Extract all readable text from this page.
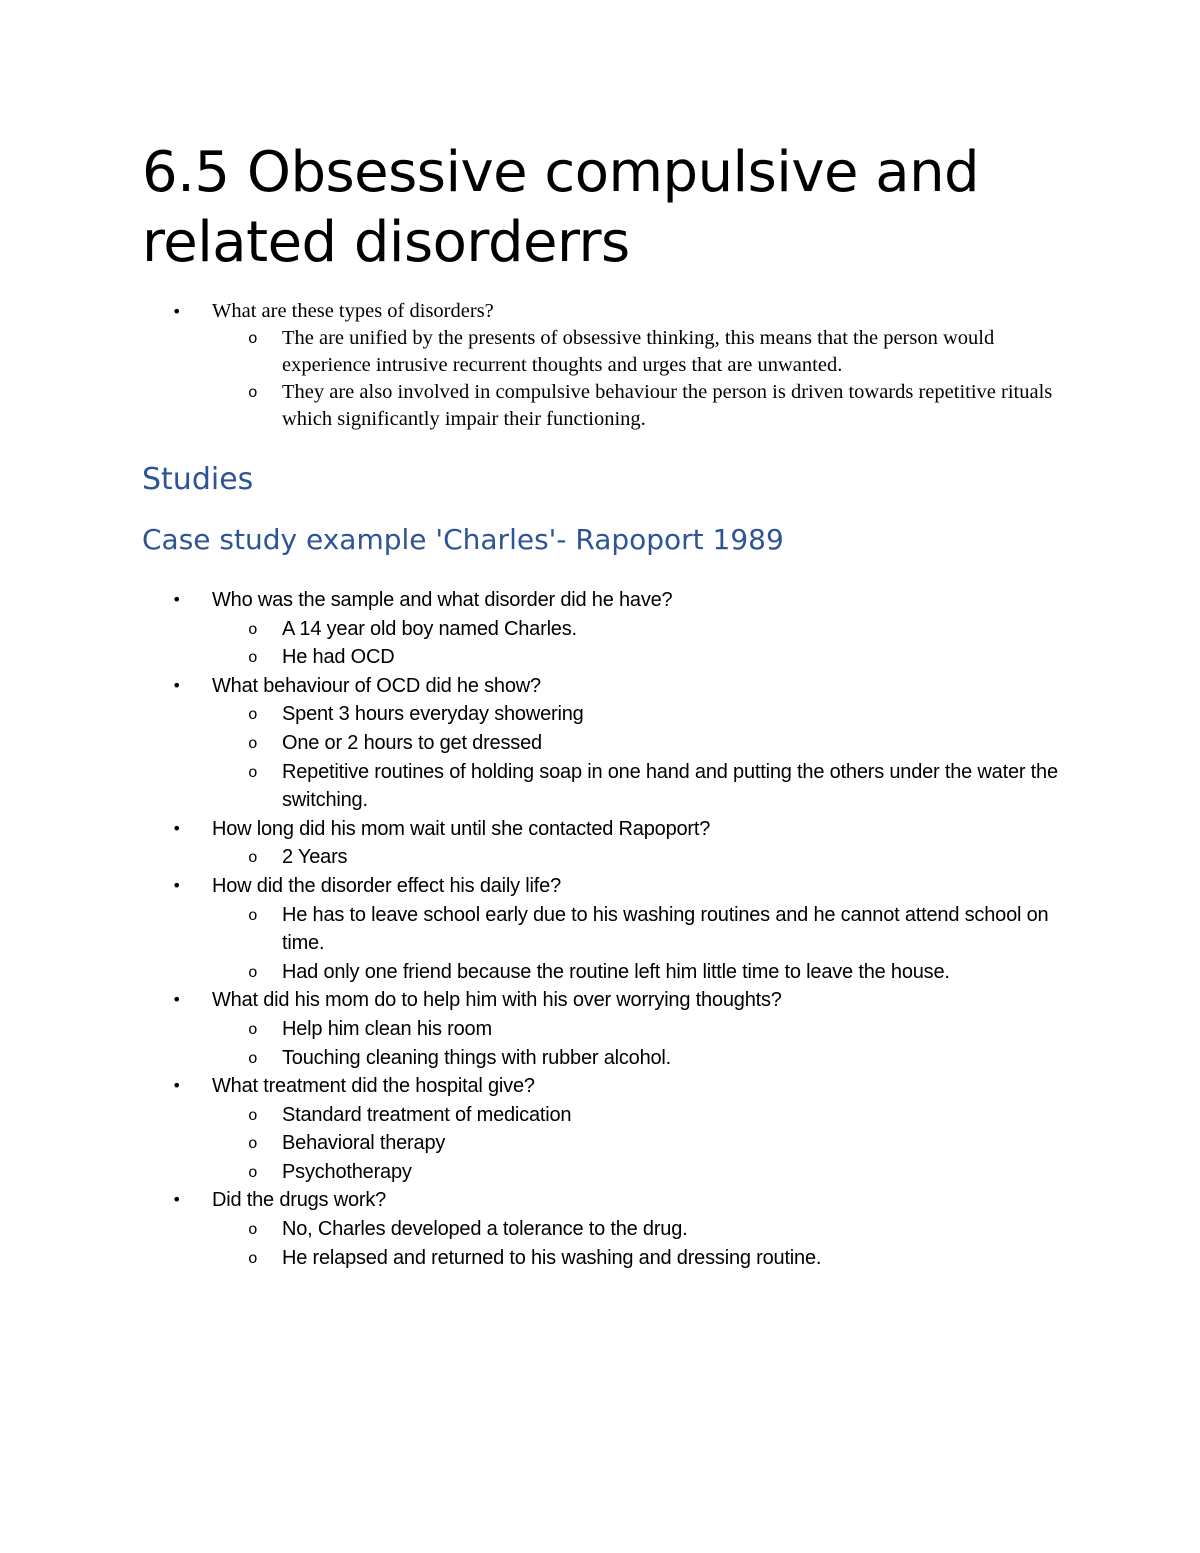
6.5 Obsessive compulsive and related disorderrs
•	What are these types of disorders?
o	The are unified by the presents of obsessive thinking, this means that the person would experience intrusive recurrent thoughts and urges that are unwanted.
o	They are also involved in compulsive behaviour the person is driven towards repetitive rituals which significantly impair their functioning.
Studies
Case study example 'Charles'- Rapoport 1989
•	Who was the sample and what disorder did he have?
o	A 14 year old boy named Charles.
o	He had OCD
•	What behaviour of OCD did he show?
o	Spent 3 hours everyday showering
o	One or 2 hours to get dressed
o	Repetitive routines of holding soap in one hand and putting the others under the water the switching.
•	How long did his mom wait until she contacted Rapoport?
o	2 Years
•	How did the disorder effect his daily life?
o	He has to leave school early due to his washing routines and he cannot attend school on time.
o	Had only one friend because the routine left him little time to leave the house.
•	What did his mom do to help him with his over worrying thoughts?
o	Help him clean his room
o	Touching cleaning things with rubber alcohol.
•	What treatment did the hospital give?
o	Standard treatment of medication
o	Behavioral therapy
o	Psychotherapy
•	Did the drugs work?
o	No, Charles developed a tolerance to the drug.
o	He relapsed and returned to his washing and dressing routine.
